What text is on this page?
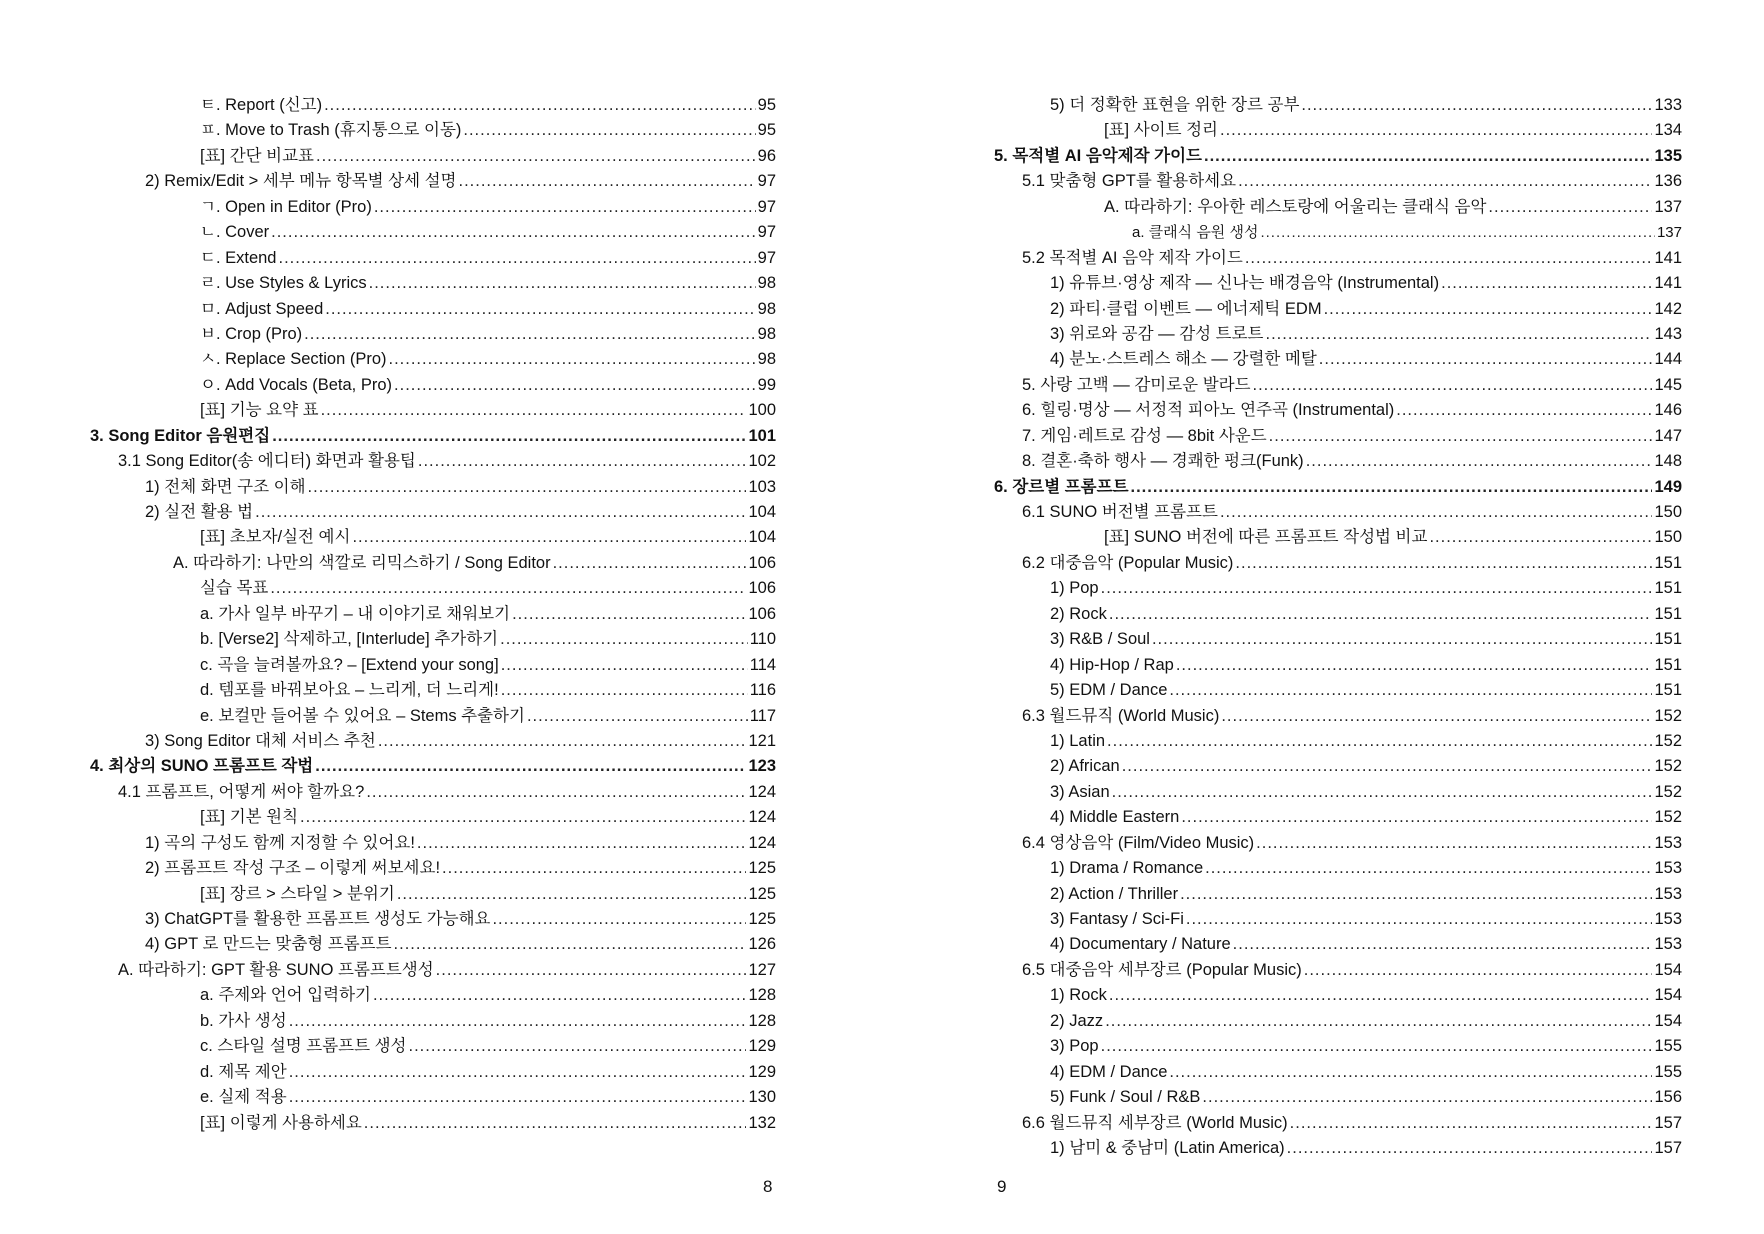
ㅌ. Report (신고) .....	95
ㅍ. Move to Trash (휴지통으로 이동) .....	95
[표] 간단 비교표 .....	96
2) Remix/Edit > 세부 메뉴 항목별 상세 설명 .....	97
ㄱ. Open in Editor (Pro) .....	97
ㄴ. Cover .....	97
ㄷ. Extend .....	97
ㄹ. Use Styles & Lyrics .....	98
ㅁ. Adjust Speed .....	98
ㅂ. Crop (Pro) .....	98
ㅅ. Replace Section (Pro) .....	98
ㅇ. Add Vocals (Beta, Pro) .....	99
[표] 기능 요약 표 .....	100
3. Song Editor 음원편집 .....	101
3.1 Song Editor(송 에디터) 화면과 활용팁 .....	102
1) 전체 화면 구조 이해 .....	103
2) 실전 활용 법 .....	104
[표] 초보자/실전 예시 .....	104
A. 따라하기: 나만의 색깔로 리믹스하기 / Song Editor .....	106
실습 목표 .....	106
a. 가사 일부 바꾸기 – 내 이야기로 채워보기 .....	106
b. [Verse2] 삭제하고, [Interlude] 추가하기 .....	110
c. 곡을 늘려볼까요? – [Extend your song] .....	114
d. 템포를 바꿔보아요 – 느리게, 더 느리게! .....	116
e. 보컬만 들어볼 수 있어요 – Stems 추출하기 .....	117
3) Song Editor 대체 서비스 추천 .....	121
4. 최상의 SUNO 프롬프트 작법 .....	123
4.1 프롬프트, 어떻게 써야 할까요? .....	124
[표] 기본 원칙 .....	124
1) 곡의 구성도 함께 지정할 수 있어요! .....	124
2) 프롬프트 작성 구조 – 이렇게 써보세요! .....	125
[표] 장르 > 스타일 > 분위기 .....	125
3) ChatGPT를 활용한 프롬프트 생성도 가능해요 .....	125
4) GPT 로 만드는 맞춤형 프롬프트 .....	126
A. 따라하기: GPT 활용 SUNO 프롬프트생성 .....	127
a. 주제와 언어 입력하기 .....	128
b. 가사 생성 .....	128
c. 스타일 설명 프롬프트 생성 .....	129
d. 제목 제안 .....	129
e. 실제 적용 .....	130
[표] 이렇게 사용하세요 .....	132
8
5) 더 정확한 표현을 위한 장르 공부 .....	133
[표] 사이트 정리 .....	134
5. 목적별 AI 음악제작 가이드 .....	135
5.1 맞춤형 GPT를 활용하세요 .....	136
A. 따라하기: 우아한 레스토랑에 어울리는 클래식 음악 .....	137
a. 클래식 음원 생성 .....	137
5.2 목적별 AI 음악 제작 가이드 .....	141
1) 유튜브·영상 제작 — 신나는 배경음악 (Instrumental) .....	141
2) 파티·클럽 이벤트 — 에너제틱 EDM .....	142
3) 위로와 공감 — 감성 트로트 .....	143
4) 분노·스트레스 해소 — 강렬한 메탈 .....	144
5. 사랑 고백 — 감미로운 발라드 .....	145
6. 힐링·명상 — 서정적 피아노 연주곡 (Instrumental) .....	146
7. 게임·레트로 감성 — 8bit 사운드 .....	147
8. 결혼·축하 행사 — 경쾌한 펑크(Funk) .....	148
6. 장르별 프롬프트 .....	149
6.1 SUNO 버전별 프롬프트 .....	150
[표] SUNO 버전에 따른 프롬프트 작성법 비교 .....	150
6.2 대중음악 (Popular Music) .....	151
1) Pop .....	151
2) Rock .....	151
3) R&B / Soul .....	151
4) Hip-Hop / Rap .....	151
5) EDM / Dance .....	151
6.3 월드뮤직 (World Music) .....	152
1) Latin .....	152
2) African .....	152
3) Asian .....	152
4) Middle Eastern .....	152
6.4 영상음악 (Film/Video Music) .....	153
1) Drama / Romance .....	153
2) Action / Thriller .....	153
3) Fantasy / Sci-Fi .....	153
4) Documentary / Nature .....	153
6.5 대중음악 세부장르 (Popular Music) .....	154
1) Rock .....	154
2) Jazz .....	154
3) Pop .....	155
4) EDM / Dance .....	155
5) Funk / Soul / R&B .....	156
6.6 월드뮤직 세부장르 (World Music) .....	157
1) 남미 & 중남미 (Latin America) .....	157
9
